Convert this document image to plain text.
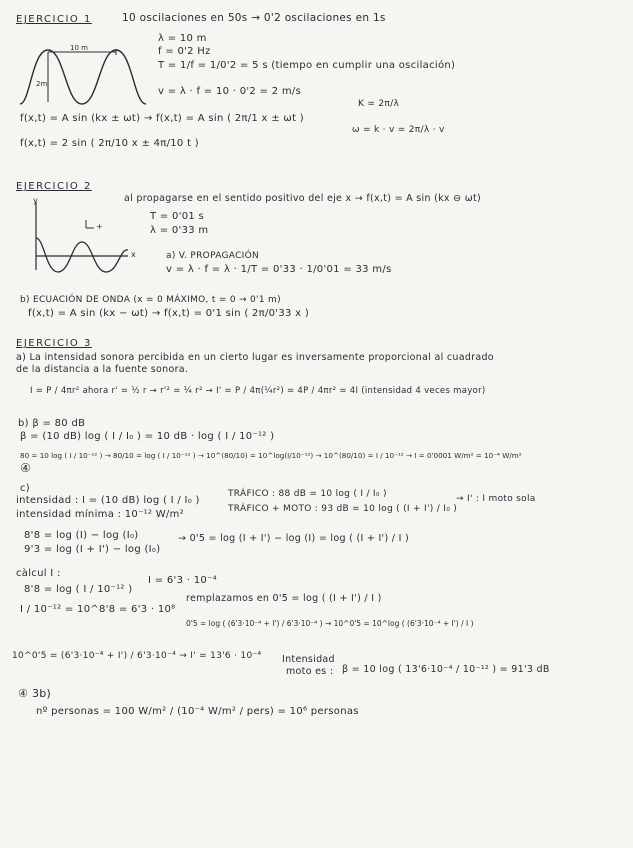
EJERCICIO 1	10 oscilaciones en 50s → 0'2 oscilaciones en 1s
λ = 10 m
f = 0'2 Hz
T = 1/f = 1/0'2 = 5 s (tiempo en cumplir una oscilación)
v = λ · f = 10 · 0'2 = 2 m/s
10 m
2m
f(x,t) = A sin (kx ± ωt) → f(x,t) = A sin ( 2π/1 x ± ωt )
K = 2π/λ
ω = k · v = 2π/λ · v
f(x,t) = 2 sin ( 2π/10 x ± 4π/10 t )
EJERCICIO 2
al propagarse en el sentido positivo del eje x → f(x,t) = A sin (kx ⊖ ωt)
T = 0'01 s
λ = 0'33 m
y
x
+
a) V. PROPAGACIÓN
v = λ · f = λ · 1/T = 0'33 · 1/0'01 = 33 m/s
b) ECUACIÓN DE ONDA (x = 0 MÁXIMO, t = 0 → 0'1 m)
f(x,t) = A sin (kx − ωt) → f(x,t) = 0'1 sin ( 2π/0'33 x )
EJERCICIO 3
a) La intensidad sonora percibida en un cierto lugar es inversamente proporcional al cuadrado
de la distancia a la fuente sonora.
I = P / 4πr² ahora r' = ½ r → r'² = ¼ r² → I' = P / 4π(¼r²) = 4P / 4πr² = 4I (intensidad 4 veces mayor)
b) β = 80 dB
β = (10 dB) log ( I / I₀ ) = 10 dB · log ( I / 10⁻¹² )
80 = 10 log ( I / 10⁻¹² ) → 80/10 = log ( I / 10⁻¹² ) → 10^(80/10) = 10^log(I/10⁻¹²) → 10^(80/10) = I / 10⁻¹² → I = 0'0001 W/m² = 10⁻⁴ W/m²
④
c)
intensidad : I = (10 dB) log ( I / I₀ )
intensidad mínima : 10⁻¹² W/m²
TRÁFICO : 88 dB = 10 log ( I / I₀ )
TRÁFICO + MOTO : 93 dB = 10 log ( (I + I') / I₀ )
→ I' : I moto sola
8'8 = log (I) − log (I₀)
9'3 = log (I + I') − log (I₀)
→ 0'5 = log (I + I') − log (I) = log ( (I + I') / I )
càlcul I :
8'8 = log ( I / 10⁻¹² )
I / 10⁻¹² = 10^8'8 = 6'3 · 10⁸
I = 6'3 · 10⁻⁴
remplazamos en 0'5 = log ( (I + I') / I )
0'5 = log ( (6'3·10⁻⁴ + I') / 6'3·10⁻⁴ ) → 10^0'5 = 10^log ( (6'3·10⁻⁴ + I') / I )
10^0'5 = (6'3·10⁻⁴ + I') / 6'3·10⁻⁴ → I' = 13'6 · 10⁻⁴ Intensidad
moto es : β = 10 log ( 13'6·10⁻⁴ / 10⁻¹² ) = 91'3 dB
④ 3b)
nº personas = 100 W/m² / (10⁻⁴ W/m² / pers) = 10⁶ personas
